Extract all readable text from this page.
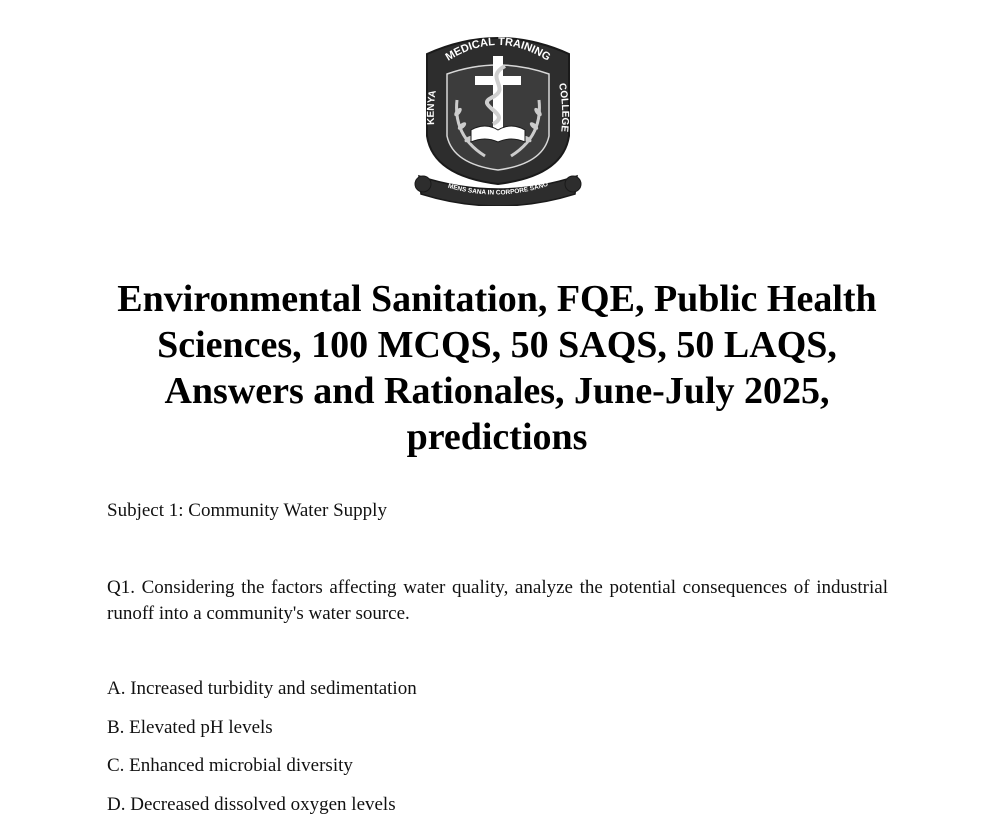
MEDICAL TRAINING
KENYA
COLLEGE
MENS SANA IN CORPORE SANO
Environmental Sanitation, FQE, Public Health Sciences, 100 MCQS, 50 SAQS, 50 LAQS, Answers and Rationales, June-July 2025, predictions

Subject 1: Community Water Supply

Q1. Considering the factors affecting water quality, analyze the potential consequences of industrial runoff into a community's water source.

A. Increased turbidity and sedimentation
B. Elevated pH levels
C. Enhanced microbial diversity
D. Decreased dissolved oxygen levels
